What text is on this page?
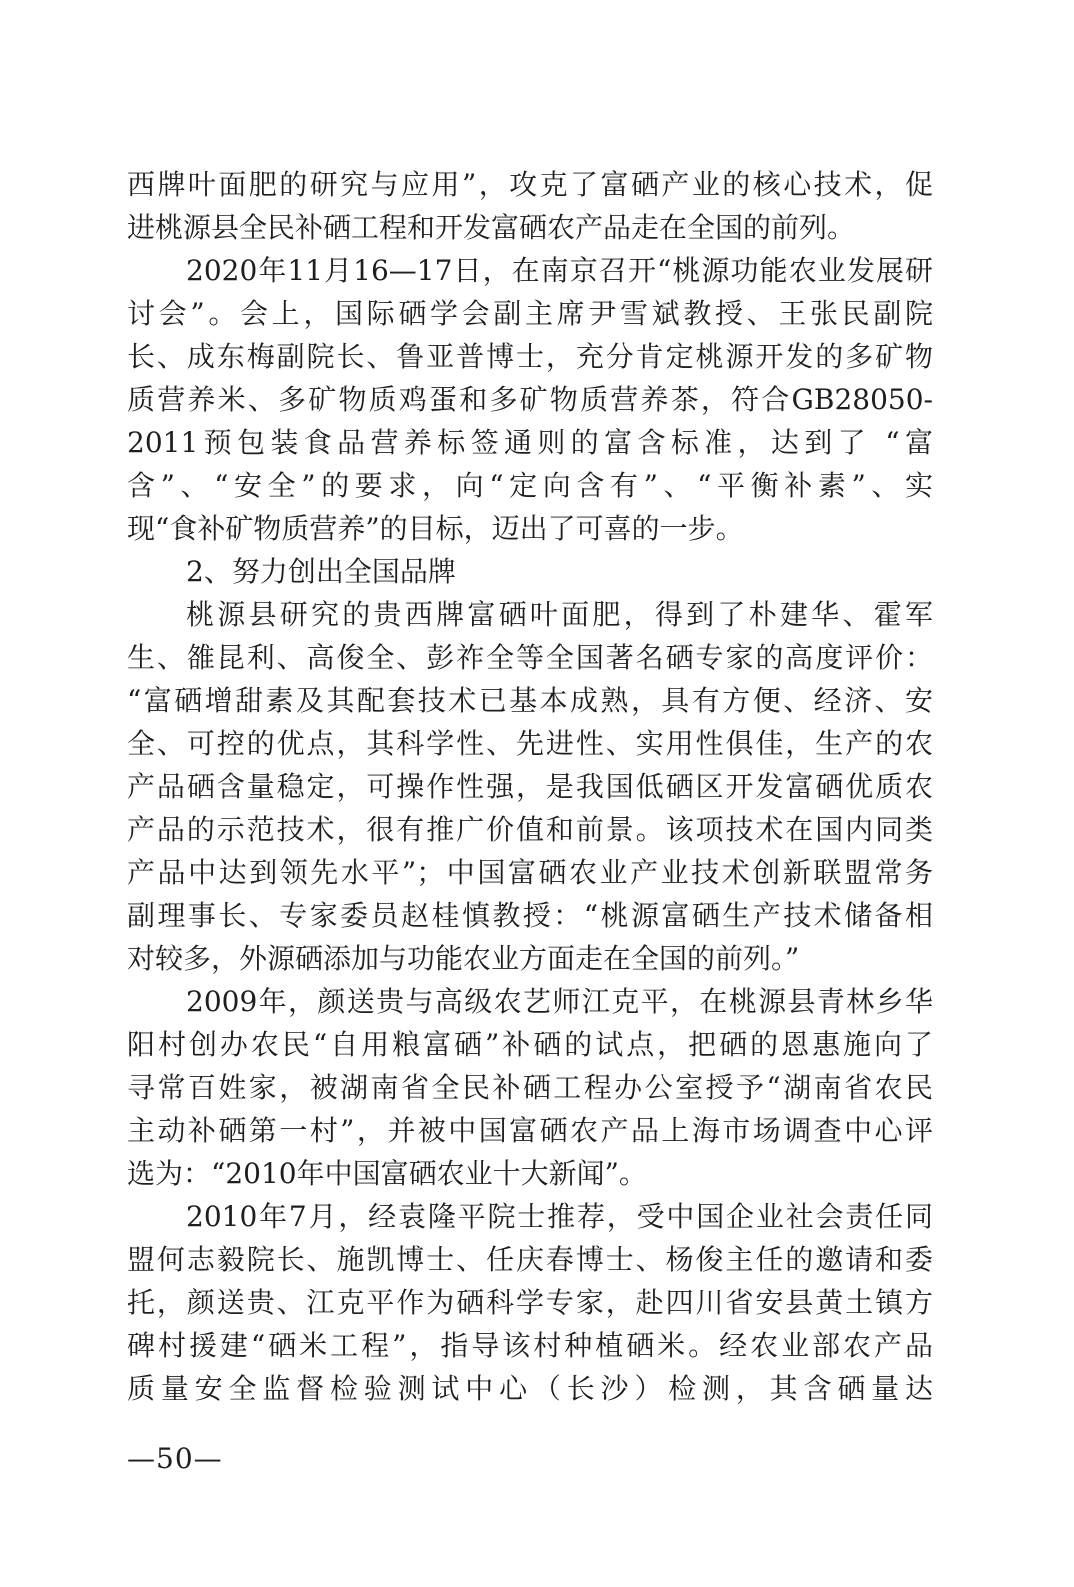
西牌叶面肥的研究与应用”，攻克了富硒产业的核心技术，促
进桃源县全民补硒工程和开发富硒农产品走在全国的前列。
2020年11月16—17日，在南京召开“桃源功能农业发展研
讨会”。会上，国际硒学会副主席尹雪斌教授、王张民副院
长、成东梅副院长、鲁亚普博士，充分肯定桃源开发的多矿物
质营养米、多矿物质鸡蛋和多矿物质营养茶，符合GB28050-
2011预包装食品营养标签通则的富含标准，达到了 “富
含”、“安全”的要求，向“定向含有”、“平衡补素”、实
现“食补矿物质营养”的目标，迈出了可喜的一步。
2、努力创出全国品牌
桃源县研究的贵西牌富硒叶面肥，得到了朴建华、霍军
生、雒昆利、高俊全、彭祚全等全国著名硒专家的高度评价：
“富硒增甜素及其配套技术已基本成熟，具有方便、经济、安
全、可控的优点，其科学性、先进性、实用性俱佳，生产的农
产品硒含量稳定，可操作性强，是我国低硒区开发富硒优质农
产品的示范技术，很有推广价值和前景。该项技术在国内同类
产品中达到领先水平”；中国富硒农业产业技术创新联盟常务
副理事长、专家委员赵桂慎教授：“桃源富硒生产技术储备相
对较多，外源硒添加与功能农业方面走在全国的前列。”
2009年，颜送贵与高级农艺师江克平，在桃源县青林乡华
阳村创办农民“自用粮富硒”补硒的试点，把硒的恩惠施向了
寻常百姓家，被湖南省全民补硒工程办公室授予“湖南省农民
主动补硒第一村”，并被中国富硒农产品上海市场调查中心评
选为：“2010年中国富硒农业十大新闻”。
2010年7月，经袁隆平院士推荐，受中国企业社会责任同
盟何志毅院长、施凯博士、任庆春博士、杨俊主任的邀请和委
托，颜送贵、江克平作为硒科学专家，赴四川省安县黄土镇方
碑村援建“硒米工程”，指导该村种植硒米。经农业部农产品
质量安全监督检验测试中心（长沙）检测，其含硒量达
—50—
